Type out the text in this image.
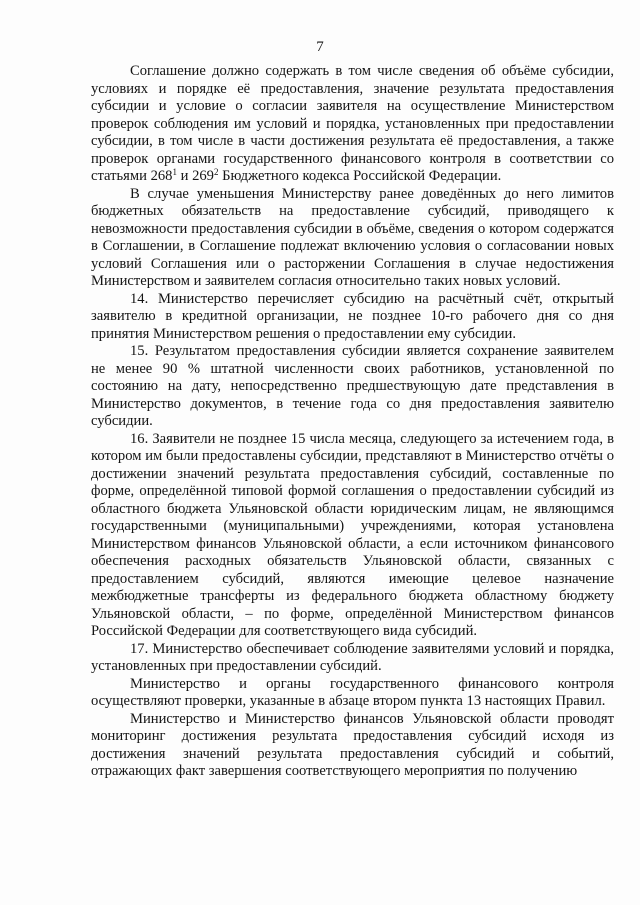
7

Соглашение должно содержать в том числе сведения об объёме субсидии, условиях и порядке её предоставления, значение результата предоставления субсидии и условие о согласии заявителя на осуществление Министерством проверок соблюдения им условий и порядка, установленных при предоставлении субсидии, в том числе в части достижения результата её предоставления, а также проверок органами государственного финансового контроля в соответствии со статьями $268^1$ и $269^2$ Бюджетного кодекса Российской Федерации.

В случае уменьшения Министерству ранее доведённых до него лимитов бюджетных обязательств на предоставление субсидий, приводящего к невозможности предоставления субсидии в объёме, сведения о котором содержатся в Соглашении, в Соглашение подлежат включению условия о согласовании новых условий Соглашения или о расторжении Соглашения в случае недостижения Министерством и заявителем согласия относительно таких новых условий.

14. Министерство перечисляет субсидию на расчётный счёт, открытый заявителю в кредитной организации, не позднее 10-го рабочего дня со дня принятия Министерством решения о предоставлении ему субсидии.

15. Результатом предоставления субсидии является сохранение заявителем не менее 90 % штатной численности своих работников, установленной по состоянию на дату, непосредственно предшествующую дате представления в Министерство документов, в течение года со дня предоставления заявителю субсидии.

16. Заявители не позднее 15 числа месяца, следующего за истечением года, в котором им были предоставлены субсидии, представляют в Министерство отчёты о достижении значений результата предоставления субсидий, составленные по форме, определённой типовой формой соглашения о предоставлении субсидий из областного бюджета Ульяновской области юридическим лицам, не являющимся государственными (муниципальными) учреждениями, которая установлена Министерством финансов Ульяновской области, а если источником финансового обеспечения расходных обязательств Ульяновской области, связанных с предоставлением субсидий, являются имеющие целевое назначение межбюджетные трансферты из федерального бюджета областному бюджету Ульяновской области, – по форме, определённой Министерством финансов Российской Федерации для соответствующего вида субсидий.

17. Министерство обеспечивает соблюдение заявителями условий и порядка, установленных при предоставлении субсидий.

Министерство и органы государственного финансового контроля осуществляют проверки, указанные в абзаце втором пункта 13 настоящих Правил.

Министерство и Министерство финансов Ульяновской области проводят мониторинг достижения результата предоставления субсидий исходя из достижения значений результата предоставления субсидий и событий, отражающих факт завершения соответствующего мероприятия по получению
